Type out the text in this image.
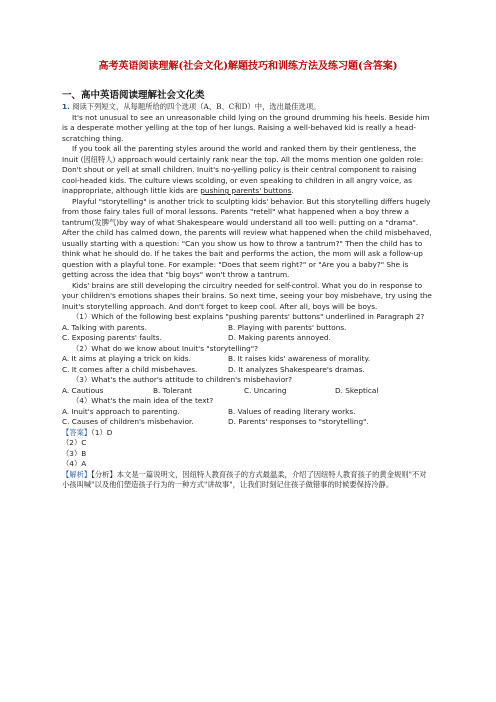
高考英语阅读理解(社会文化)解题技巧和训练方法及练习题(含答案)
一、高中英语阅读理解社会文化类

1. 阅读下列短文，从每题所给的四个选项（A、B、C和D）中，选出最佳选项。

It's not unusual to see an unreasonable child lying on the ground drumming his heels. Beside him is a desperate mother yelling at the top of her lungs. Raising a well-behaved kid is really a head-scratching thing.

If you took all the parenting styles around the world and ranked them by their gentleness, the Inuit (因纽特人) approach would certainly rank near the top. All the moms mention one golden role: Don't shout or yell at small children. Inuit's no-yelling policy is their central component to raising cool-headed kids. The culture views scolding, or even speaking to children in all angry voice, as inappropriate, although little kids are pushing parents' buttons.

Playful "storytelling" is another trick to sculpting kids' behavior. But this storytelling differs hugely from those fairy tales full of moral lessons. Parents "retell" what happened when a boy threw a tantrum(发脾气)by way of what Shakespeare would understand all too well: putting on a "drama". After the child has calmed down, the parents will review what happened when the child misbehaved, usually starting with a question: "Can you show us how to throw a tantrum?" Then the child has to think what he should do. If he takes the bait and performs the action, the mom will ask a follow-up question with a playful tone. For example: "Does that seem right?" or "Are you a baby?" She is getting across the idea that "big boys" won't throw a tantrum.

Kids' brains are still developing the circuitry needed for self-control. What you do in response to your children's emotions shapes their brains. So next time, seeing your boy misbehave, try using the Inuit's storytelling approach. And don't forget to keep cool. After all, boys will be boys.

（1）Which of the following best explains "pushing parents' buttons" underlined in Paragraph 2?

A. Talking with parents.	B. Playing with parents' buttons.
C. Exposing parents' faults.	D. Making parents annoyed.

（2）What do we know about Inuit's "storytelling"?

A. It aims at playing a trick on kids.	B. It raises kids' awareness of morality.
C. It comes after a child misbehaves.	D. It analyzes Shakespeare's dramas.

（3）What's the author's attitude to children's misbehavior?

A. Cautious	B. Tolerant	C. Uncaring	D. Skeptical

（4）What's the main idea of the text?

A. Inuit's approach to parenting.	B. Values of reading literary works.
C. Causes of children's misbehavior.	D. Parents' responses to "storytelling".

【答案】（1）D

（2）C

（3）B

（4）A

【解析】【分析】本文是一篇说明文，因纽特人教育孩子的方式最温柔，介绍了因纽特人教育孩子的黄金规则"不对小孩叫喊"以及他们塑造孩子行为的一种方式"讲故事"，让我们时刻记住孩子做错事的时候要保持冷静。
